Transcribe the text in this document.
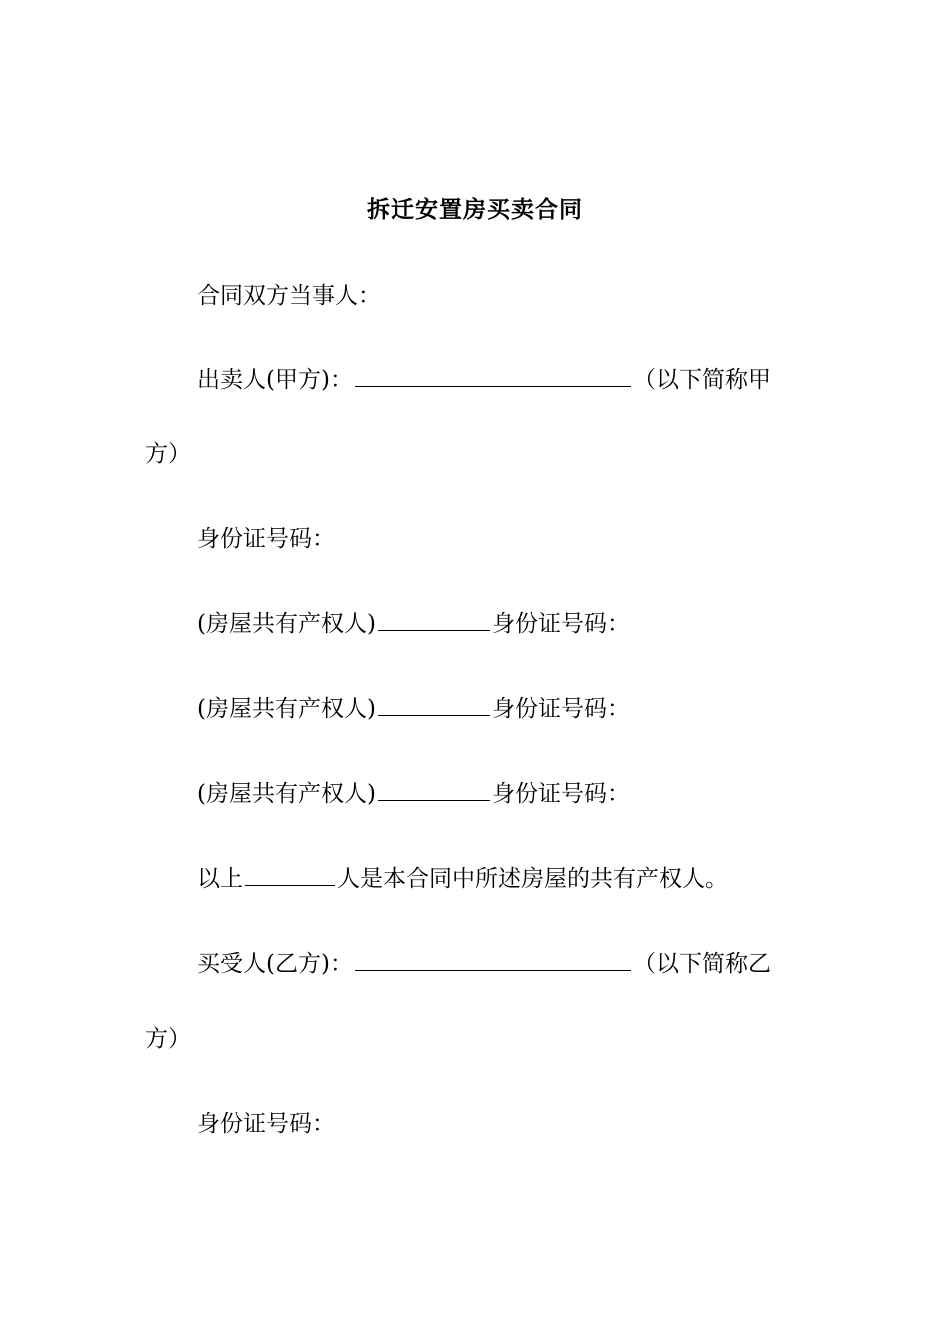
拆迁安置房买卖合同
合同双方当事人：
出卖人(甲方)：	（以下简称甲
方）
身份证号码：
(房屋共有产权人)	身份证号码：
(房屋共有产权人)	身份证号码：
(房屋共有产权人)	身份证号码：
以上	人是本合同中所述房屋的共有产权人。
买受人(乙方)：	（以下简称乙
方）
身份证号码：
